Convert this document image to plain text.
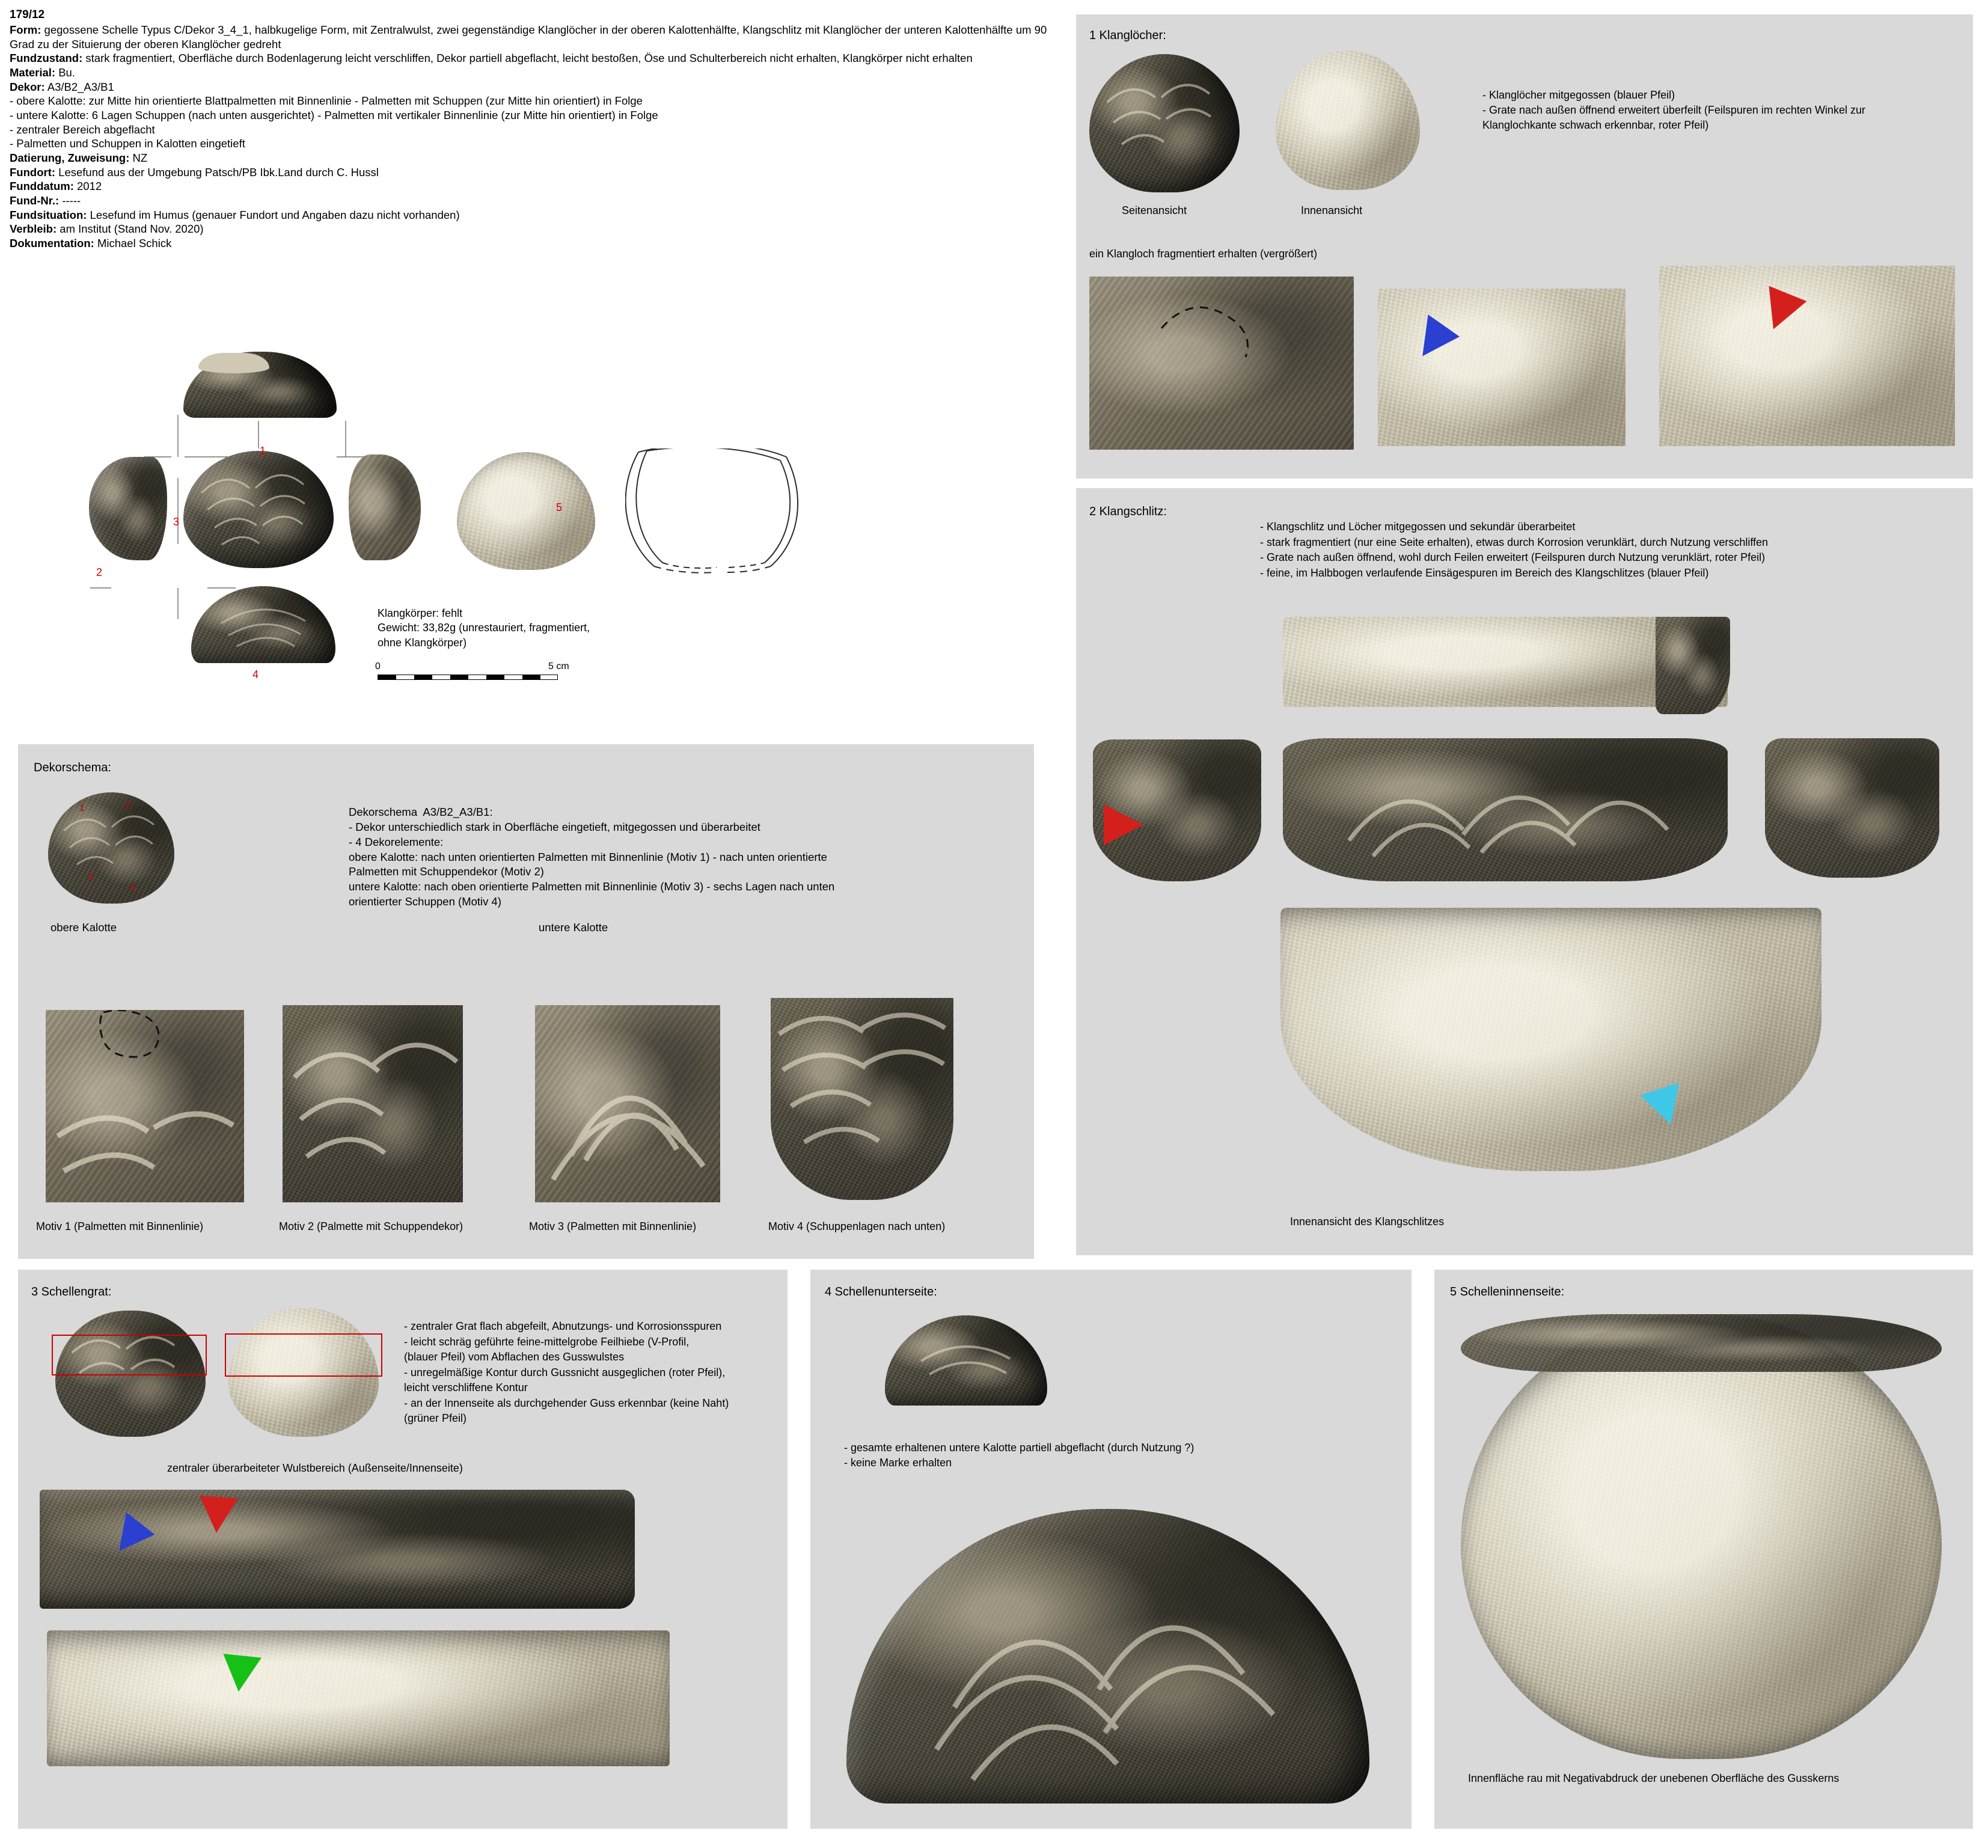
179/12
Form: gegossene Schelle Typus C/Dekor 3_4_1, halbkugelige Form, mit Zentralwulst, zwei gegenständige Klanglöcher in der oberen Kalottenhälfte, Klangschlitz mit Klanglöcher der unteren Kalottenhälfte um 90 Grad zu der Situierung der oberen Klanglöcher gedreht
Fundzustand: stark fragmentiert, Oberfläche durch Bodenlagerung leicht verschliffen, Dekor partiell abgeflacht, leicht bestoßen, Öse und Schulterbereich nicht erhalten, Klangkörper nicht erhalten
Material: Bu.
Dekor: A3/B2_A3/B1
- obere Kalotte: zur Mitte hin orientierte Blattpalmetten mit Binnenlinie - Palmetten mit Schuppen (zur Mitte hin orientiert) in Folge
- untere Kalotte: 6 Lagen Schuppen (nach unten ausgerichtet) - Palmetten mit vertikaler Binnenlinie (zur Mitte hin orientiert) in Folge
- zentraler Bereich abgeflacht
- Palmetten und Schuppen in Kalotten eingetieft
Datierung, Zuweisung: NZ
Fundort: Lesefund aus der Umgebung Patsch/PB Ibk.Land durch C. Hussl
Funddatum: 2012
Fund-Nr.: -----
Fundsituation: Lesefund im Humus (genauer Fundort und Angaben dazu nicht vorhanden)
Verbleib: am Institut (Stand Nov. 2020)
Dokumentation: Michael Schick
1
2
3
4
5
Klangkörper: fehlt
Gewicht: 33,82g (unrestauriert, fragmentiert,
ohne Klangkörper)
0	5 cm
Dekorschema:
1	2
3
4
Dekorschema  A3/B2_A3/B1:
- Dekor unterschiedlich stark in Oberfläche eingetieft, mitgegossen und überarbeitet
- 4 Dekorelemente:
obere Kalotte: nach unten orientierten Palmetten mit Binnenlinie (Motiv 1) - nach unten orientierte
Palmetten mit Schuppendekor (Motiv 2)
untere Kalotte: nach oben orientierte Palmetten mit Binnenlinie (Motiv 3) - sechs Lagen nach unten
orientierter Schuppen (Motiv 4)
obere Kalotte	untere Kalotte
Motiv 1 (Palmetten mit Binnenlinie)	Motiv 2 (Palmette mit Schuppendekor)	Motiv 3 (Palmetten mit Binnenlinie)	Motiv 4 (Schuppenlagen nach unten)
1 Klanglöcher:
Seitenansicht	Innenansicht
- Klanglöcher mitgegossen (blauer Pfeil)
- Grate nach außen öffnend erweitert überfeilt (Feilspuren im rechten Winkel zur
Klanglochkante schwach erkennbar, roter Pfeil)
ein Klangloch fragmentiert erhalten (vergrößert)
2 Klangschlitz:
- Klangschlitz und Löcher mitgegossen und sekundär überarbeitet
- stark fragmentiert (nur eine Seite erhalten), etwas durch Korrosion verunklärt, durch Nutzung verschliffen
- Grate nach außen öffnend, wohl durch Feilen erweitert (Feilspuren durch Nutzung verunklärt, roter Pfeil)
- feine, im Halbbogen verlaufende Einsägespuren im Bereich des Klangschlitzes (blauer Pfeil)
Innenansicht des Klangschlitzes
3 Schellengrat:
- zentraler Grat flach abgefeilt, Abnutzungs- und Korrosionsspuren
- leicht schräg geführte feine-mittelgrobe Feilhiebe (V-Profil,
(blauer Pfeil) vom Abflachen des Gusswulstes
- unregelmäßige Kontur durch Gussnicht ausgeglichen (roter Pfeil),
leicht verschliffene Kontur
- an der Innenseite als durchgehender Guss erkennbar (keine Naht)
(grüner Pfeil)
zentraler überarbeiteter Wulstbereich (Außenseite/Innenseite)
4 Schellenunterseite:
- gesamte erhaltenen untere Kalotte partiell abgeflacht (durch Nutzung ?)
- keine Marke erhalten
5 Schelleninnenseite:
Innenfläche rau mit Negativabdruck der unebenen Oberfläche des Gusskerns
